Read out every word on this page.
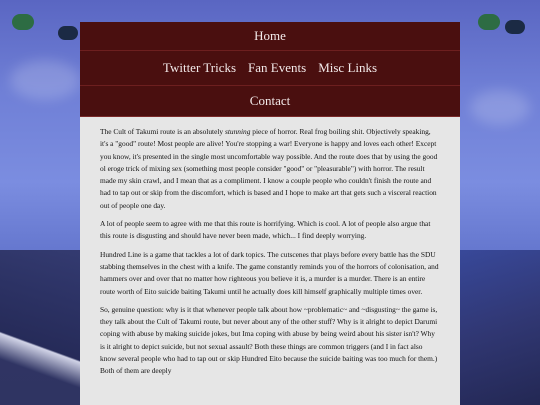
Home
Twitter Tricks Fan Events Misc Links
Contact

The Cult of Takumi route is an absolutely stunning piece of horror. Real frog boiling shit. Objectively speaking, it's a "good" route! Most people are alive! You're stopping a war! Everyone is happy and loves each other! Except you know, it's presented in the single most uncomfortable way possible. And the route does that by using the good ol eroge trick of mixing sex (something most people consider "good" or "pleasurable") with horror. The result made my skin crawl, and I mean that as a compliment. I know a couple people who couldn't finish the route and had to tap out or skip from the discomfort, which is based and I hope to make art that gets such a visceral reaction out of people one day.

A lot of people seem to agree with me that this route is horrifying. Which is cool. A lot of people also argue that this route is disgusting and should have never been made, which... I find deeply worrying.

Hundred Line is a game that tackles a lot of dark topics. The cutscenes that plays before every battle has the SDU stabbing themselves in the chest with a knife. The game constantly reminds you of the horrors of colonisation, and hammers over and over that no matter how righteous you believe it is, a murder is a murder. There is an entire route worth of Eito suicide baiting Takumi until he actually does kill himself graphically multiple times over.

So, genuine question: why is it that whenever people talk about how ~problematic~ and ~disgusting~ the game is, they talk about the Cult of Takumi route, but never about any of the other stuff? Why is it alright to depict Darumi coping with abuse by making suicide jokes, but Ima coping with abuse by being weird about his sister isn't? Why is it alright to depict suicide, but not sexual assault? Both these things are common triggers (and I in fact also know several people who had to tap out or skip Hundred Eito because the suicide baiting was too much for them.) Both of them are deeply
